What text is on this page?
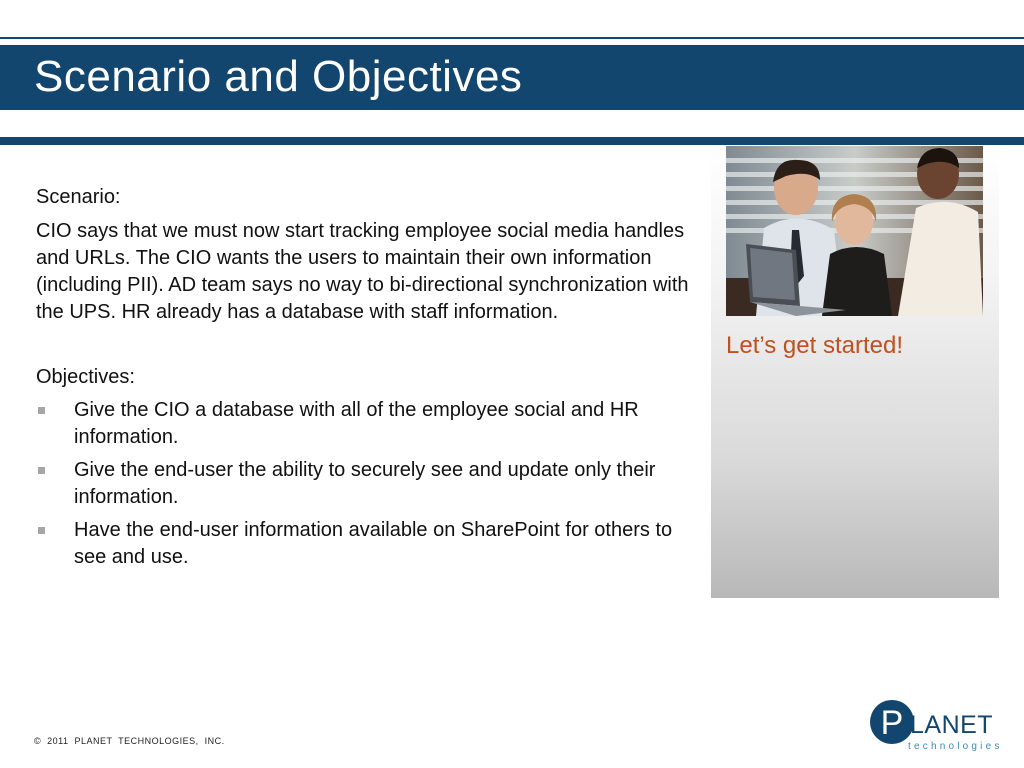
Scenario and Objectives

Scenario:

CIO says that we must now start tracking employee social media handles and URLs. The CIO wants the users to maintain their own information (including PII). AD team says no way to bi-directional synchronization with the UPS. HR already has a database with staff information.

Objectives:

Give the CIO a database with all of the employee social and HR information.
Give the end-user the ability to securely see and update only their information.
Have the end-user information available on SharePoint for others to see and use.
Let’s get started!
© 2011 PLANET TECHNOLOGIES, INC.	P LANET
technologies
